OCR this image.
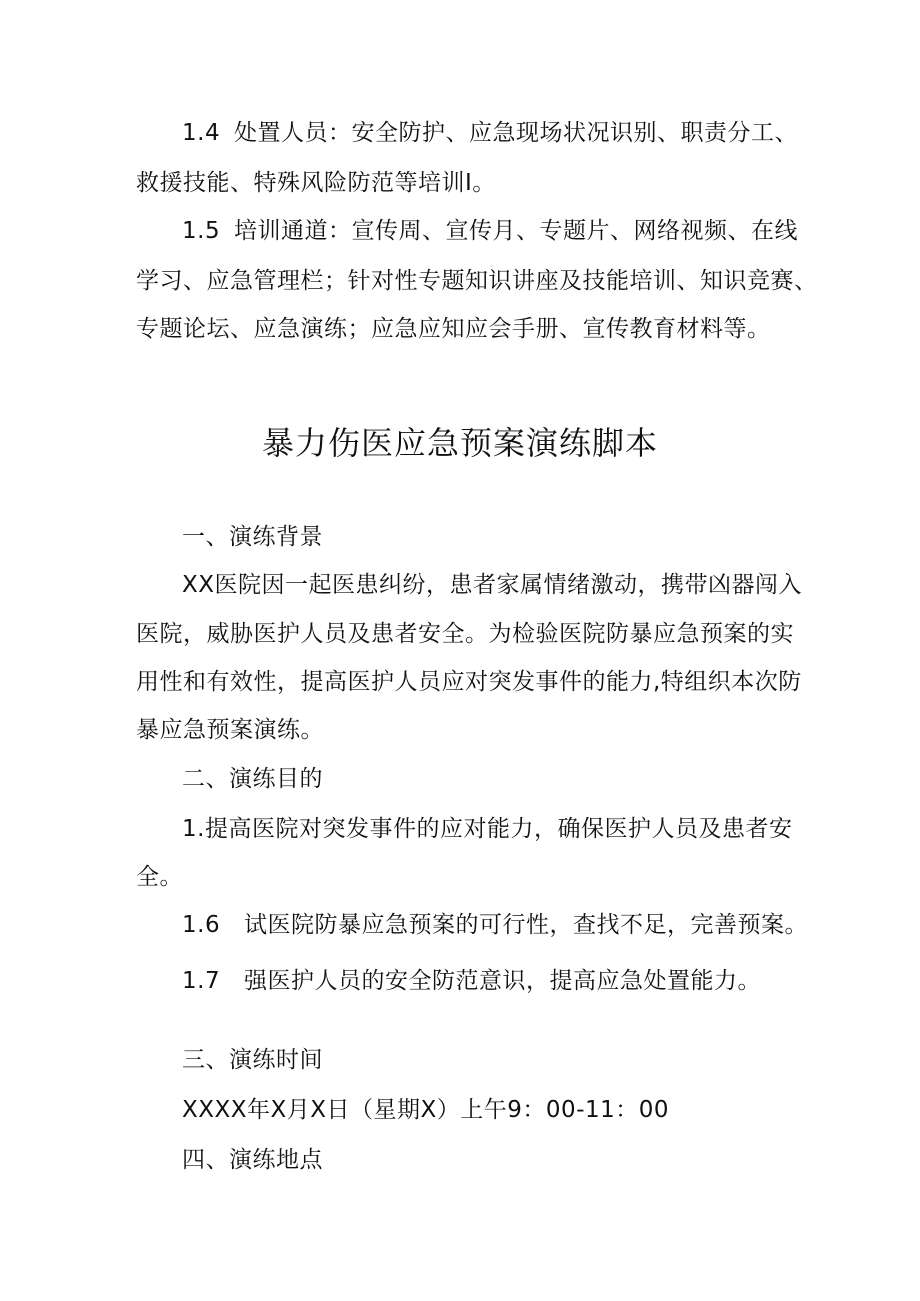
1.4 处置人员：安全防护、应急现场状况识别、职责分工、
救援技能、特殊风险防范等培训I。
1.5 培训通道：宣传周、宣传月、专题片、网络视频、在线
学习、应急管理栏；针对性专题知识讲座及技能培训、知识竞赛、
专题论坛、应急演练；应急应知应会手册、宣传教育材料等。
暴力伤医应急预案演练脚本
一、演练背景
XX医院因一起医患纠纷，患者家属情绪激动，携带凶器闯入
医院，威胁医护人员及患者安全。为检验医院防暴应急预案的实
用性和有效性，提高医护人员应对突发事件的能力,特组织本次防
暴应急预案演练。
二、演练目的
1.提高医院对突发事件的应对能力，确保医护人员及患者安
全。
1.6 试医院防暴应急预案的可行性，查找不足，完善预案。
1.7 强医护人员的安全防范意识，提高应急处置能力。
三、演练时间
XXXX年X月X日（星期X）上午9：00-11：00
四、演练地点
